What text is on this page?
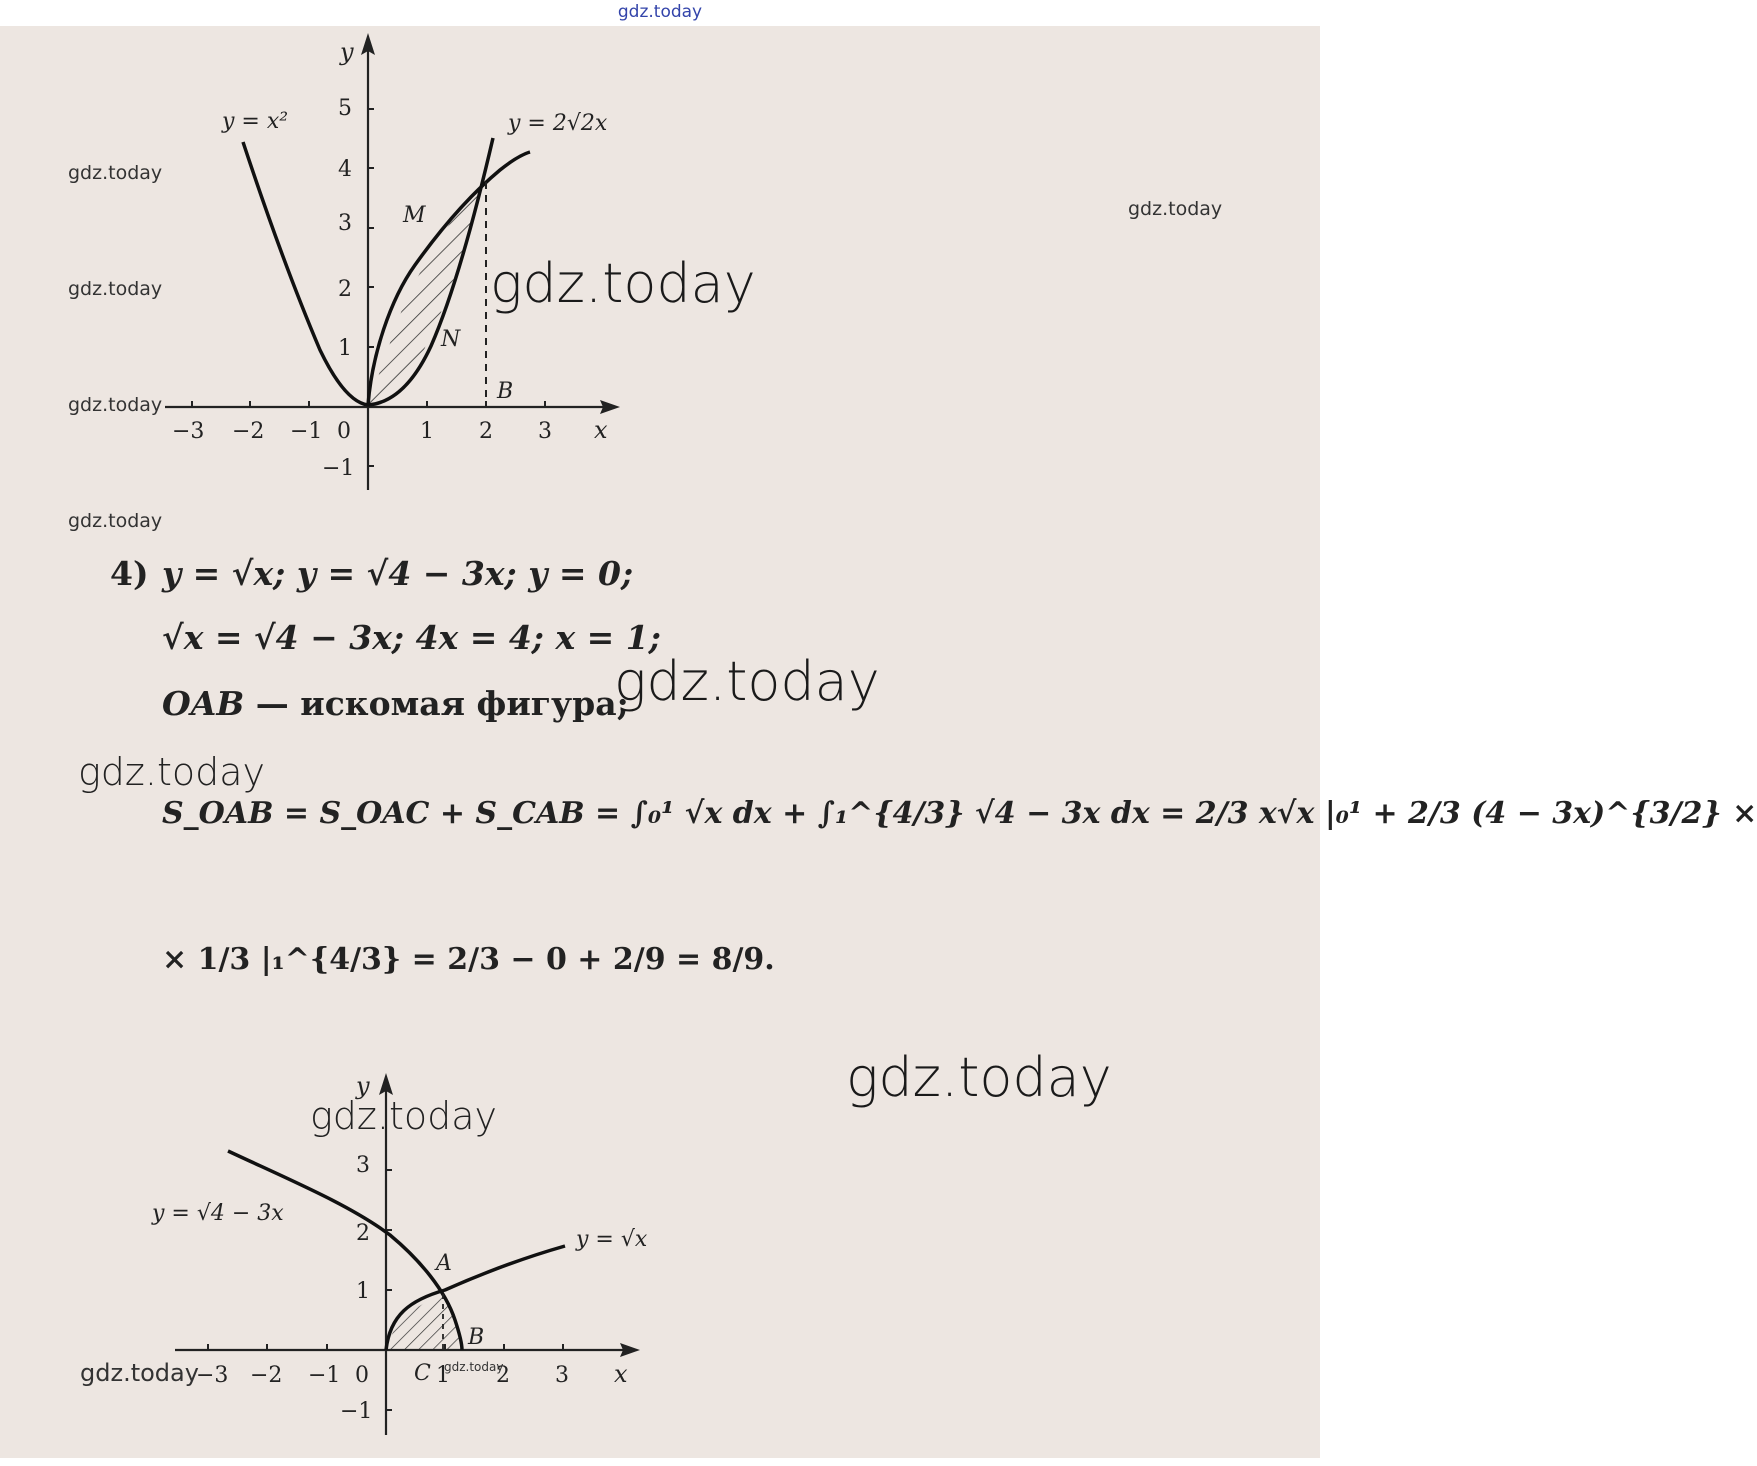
gdz.today
y
x
5
4
3
2
1
−1
−3 −2 −1 0	1 2 3
y = x²	y = 2√2x
M
N
B
4) y = √x; y = √4 − 3x; y = 0;
√x = √4 − 3x; 4x = 4; x = 1;
OAB — искомая фигура;
S_OAB = S_OAC + S_CAB = ∫₀¹ √x dx + ∫₁^{4/3} √4 − 3x dx = 2/3 x√x |₀¹ + 2/3 (4 − 3x)^{3/2} ×
× 1/3 |₁^{4/3} = 2/3 − 0 + 2/9 = 8/9.
y
x
3
2
1
−1
−3 −2 −1 0	1 2 3
y = √4 − 3x
y = √x
A
B
C
gdz.today
gdz.today
gdz.today
gdz.today
gdz.today
gdz.today
gdz.today
gdz.today
gdz.today
gdz.today
gdz.today
gdz.today
